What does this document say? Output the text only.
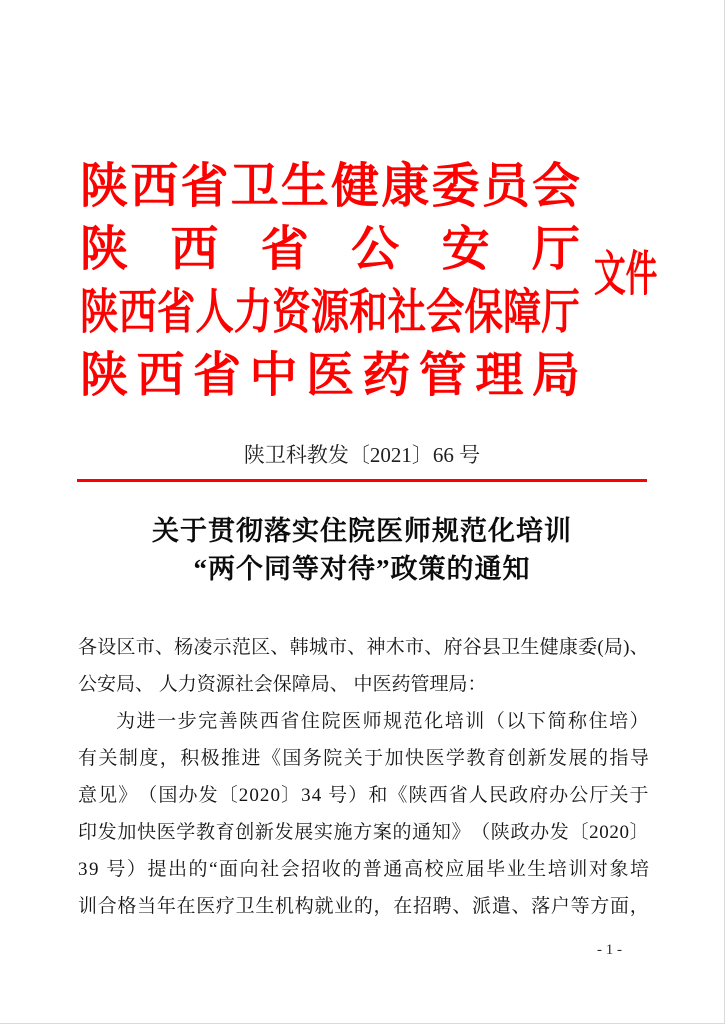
陕 西 省 卫 生 健 康 委 员 会
陕 西 省 公 安 厅
陕西省人力资源和社会保障厅
陕 西 省 中 医 药 管 理 局
文件
陕卫科教发〔2021〕66 号
关于贯彻落实住院医师规范化培训
“两个同等对待”政策的通知
各 设 区 市 、 杨 凌 示 范 区 、 韩 城 市 、 神 木 市 、 府 谷 县 卫 生 健 康 委 ( 局 ) 、
公安局、 人力资源社会保障局、 中医药管理局：
为 进 一 步 完 善 陕 西 省 住 院 医 师 规 范 化 培 训 （ 以 下 简 称 住 培 ）
有 关 制 度 ， 积 极 推 进 《 国 务 院 关 于 加 快 医 学 教 育 创 新 发 展 的 指 导
意 见 》 （ 国 办 发 〔 2 0 2 0 〕 3 4
号 ） 和 《 陕 西 省 人 民 政 府 办 公 厅 关 于
印 发 加 快 医 学 教 育 创 新 发 展 实 施 方 案 的 通 知 》 （ 陕 政 办 发 〔 2 0 2 0 〕
3 9
号 ） 提 出 的 “ 面 向 社 会 招 收 的 普 通 高 校 应 届 毕 业 生 培 训 对 象 培
训 合 格 当 年 在 医 疗 卫 生 机 构 就 业 的 ， 在 招 聘 、 派 遣 、 落 户 等 方 面 ，
- 1 -
